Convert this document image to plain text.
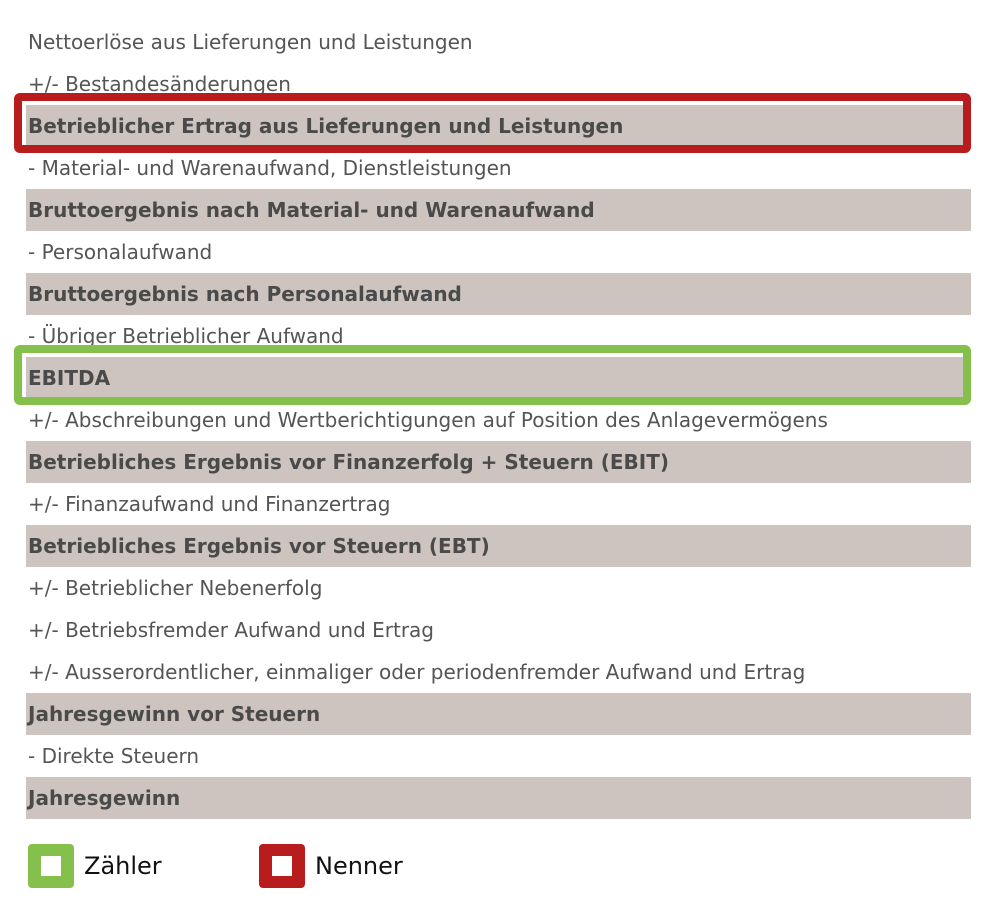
Nettoerlöse aus Lieferungen und Leistungen
+/- Bestandesänderungen
Betrieblicher Ertrag aus Lieferungen und Leistungen
- Material- und Warenaufwand, Dienstleistungen
Bruttoergebnis nach Material- und Warenaufwand
- Personalaufwand
Bruttoergebnis nach Personalaufwand
- Übriger Betrieblicher Aufwand
EBITDA
+/- Abschreibungen und Wertberichtigungen auf Position des Anlagevermögens
Betriebliches Ergebnis vor Finanzerfolg + Steuern (EBIT)
+/- Finanzaufwand und Finanzertrag
Betriebliches Ergebnis vor Steuern (EBT)
+/- Betrieblicher Nebenerfolg
+/- Betriebsfremder Aufwand und Ertrag
+/- Ausserordentlicher, einmaliger oder periodenfremder Aufwand und Ertrag
Jahresgewinn vor Steuern
- Direkte Steuern
Jahresgewinn
Zähler	Nenner
